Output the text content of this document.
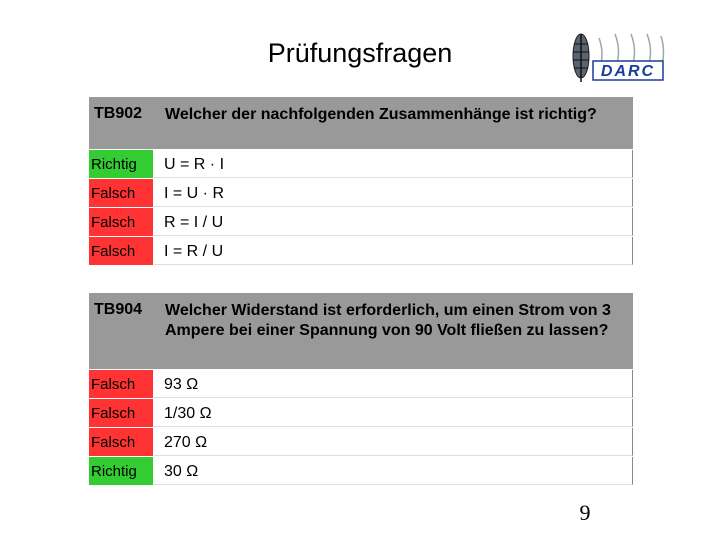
Prüfungsfragen
DARC
TB902	Welcher der nachfolgenden Zusammenhänge ist richtig?
Richtig	U = R · I
Falsch	I = U · R
Falsch	R = I / U
Falsch	I = R / U
TB904	Welcher Widerstand ist erforderlich, um einen Strom von 3 Ampere bei einer Spannung von 90 Volt fließen zu lassen?
Falsch	93 Ω
Falsch	1/30 Ω
Falsch	270 Ω
Richtig	30 Ω
9
